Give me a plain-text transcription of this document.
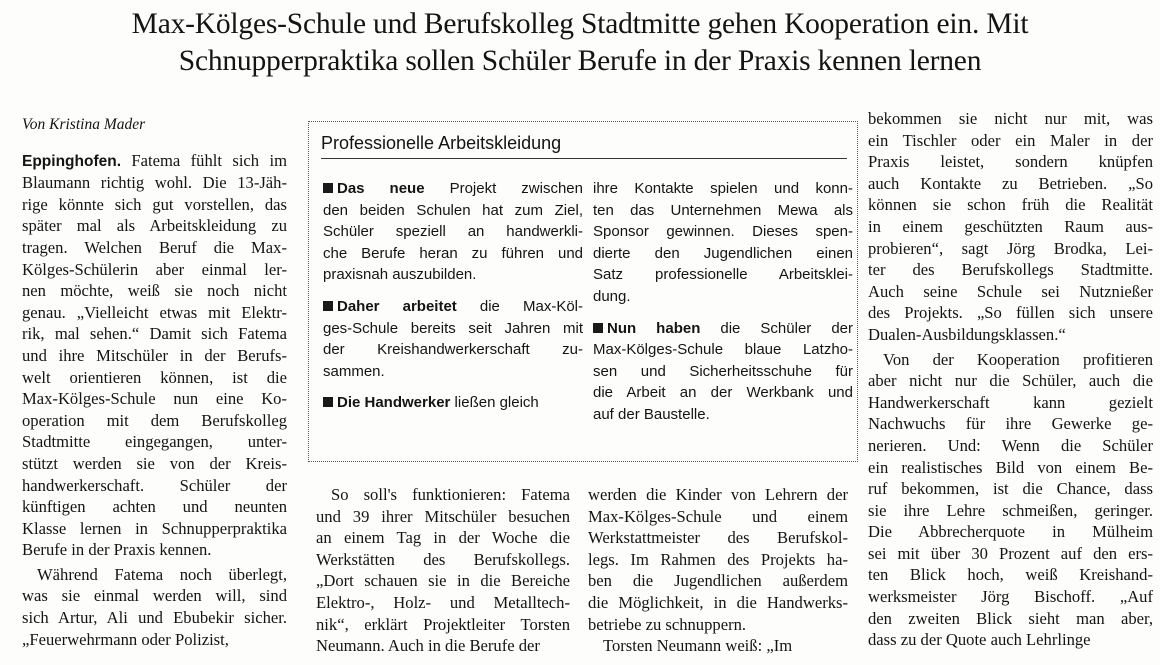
Max-Kölges-Schule und Berufskolleg Stadtmitte gehen Kooperation ein. Mit
Schnupperpraktika sollen Schüler Berufe in der Praxis kennen lernen

Von Kristina Mader

Eppinghofen. Fatema fühlt sich im
Blaumann richtig wohl. Die 13-Jäh-
rige könnte sich gut vorstellen, das
später mal als Arbeitskleidung zu
tragen. Welchen Beruf die Max-
Kölges-Schülerin aber einmal ler-
nen möchte, weiß sie noch nicht
genau. „Vielleicht etwas mit Elektr-
rik, mal sehen.“ Damit sich Fatema
und ihre Mitschüler in der Berufs-
welt orientieren können, ist die
Max-Kölges-Schule nun eine Ko-
operation mit dem Berufskolleg
Stadtmitte eingegangen, unter-
stützt werden sie von der Kreis-
handwerkerschaft. Schüler der
künftigen achten und neunten
Klasse lernen in Schnupperpraktika
Berufe in der Praxis kennen.
Während Fatema noch überlegt,
was sie einmal werden will, sind
sich Artur, Ali und Ebubekir sicher.
„Feuerwehrmann oder Polizist,
Professionelle Arbeitskleidung
Das neue Projekt zwischen
den beiden Schulen hat zum Ziel,
Schüler speziell an handwerkli-
che Berufe heran zu führen und
praxisnah auszubilden.
Daher arbeitet die Max-Köl-
ges-Schule bereits seit Jahren mit
der Kreishandwerkerschaft zu-
sammen.
Die Handwerker ließen gleich
ihre Kontakte spielen und konn-
ten das Unternehmen Mewa als
Sponsor gewinnen. Dieses spen-
dierte den Jugendlichen einen
Satz professionelle Arbeitsklei-
dung.
Nun haben die Schüler der
Max-Kölges-Schule blaue Latzho-
sen und Sicherheitsschuhe für
die Arbeit an der Werkbank und
auf der Baustelle.
So soll's funktionieren: Fatema
und 39 ihrer Mitschüler besuchen
an einem Tag in der Woche die
Werkstätten des Berufskollegs.
„Dort schauen sie in die Bereiche
Elektro-, Holz- und Metalltech-
nik“, erklärt Projektleiter Torsten
Neumann. Auch in die Berufe der
werden die Kinder von Lehrern der
Max-Kölges-Schule und einem
Werkstattmeister des Berufskol-
legs. Im Rahmen des Projekts ha-
ben die Jugendlichen außerdem
die Möglichkeit, in die Handwerks-
betriebe zu schnuppern.
Torsten Neumann weiß: „Im
bekommen sie nicht nur mit, was
ein Tischler oder ein Maler in der
Praxis leistet, sondern knüpfen
auch Kontakte zu Betrieben. „So
können sie schon früh die Realität
in einem geschützten Raum aus-
probieren“, sagt Jörg Brodka, Lei-
ter des Berufskollegs Stadtmitte.
Auch seine Schule sei Nutznießer
des Projekts. „So füllen sich unsere
Dualen-Ausbildungsklassen.“
Von der Kooperation profitieren
aber nicht nur die Schüler, auch die
Handwerkerschaft kann gezielt
Nachwuchs für ihre Gewerke ge-
nerieren. Und: Wenn die Schüler
ein realistisches Bild von einem Be-
ruf bekommen, ist die Chance, dass
sie ihre Lehre schmeißen, geringer.
Die Abbrecherquote in Mülheim
sei mit über 30 Prozent auf den ers-
ten Blick hoch, weiß Kreishand-
werksmeister Jörg Bischoff. „Auf
den zweiten Blick sieht man aber,
dass zu der Quote auch Lehrlinge
